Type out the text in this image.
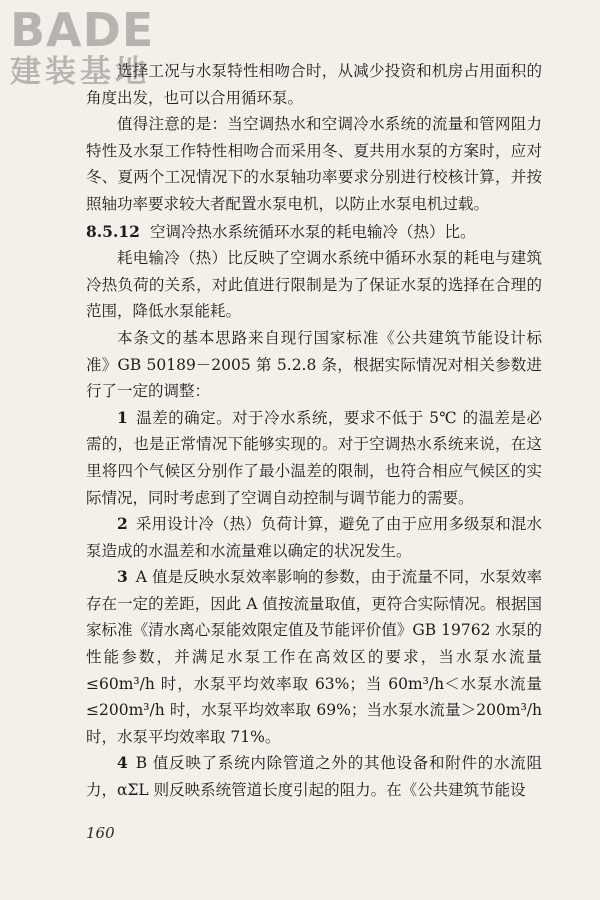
BADE
建装基地

选择工况与水泵特性相吻合时，从减少投资和机房占用面积的角度出发，也可以合用循环泵。

值得注意的是：当空调热水和空调冷水系统的流量和管网阻力特性及水泵工作特性相吻合而采用冬、夏共用水泵的方案时，应对冬、夏两个工况情况下的水泵轴功率要求分别进行校核计算，并按照轴功率要求较大者配置水泵电机，以防止水泵电机过载。

8.5.12 空调冷热水系统循环水泵的耗电输冷（热）比。

耗电输冷（热）比反映了空调水系统中循环水泵的耗电与建筑冷热负荷的关系，对此值进行限制是为了保证水泵的选择在合理的范围，降低水泵能耗。

本条文的基本思路来自现行国家标准《公共建筑节能设计标准》GB 50189－2005 第 5.2.8 条，根据实际情况对相关参数进行了一定的调整：

1 温差的确定。对于冷水系统，要求不低于 5℃ 的温差是必需的，也是正常情况下能够实现的。对于空调热水系统来说，在这里将四个气候区分别作了最小温差的限制，也符合相应气候区的实际情况，同时考虑到了空调自动控制与调节能力的需要。

2 采用设计冷（热）负荷计算，避免了由于应用多级泵和混水泵造成的水温差和水流量难以确定的状况发生。

3 A 值是反映水泵效率影响的参数，由于流量不同，水泵效率存在一定的差距，因此 A 值按流量取值，更符合实际情况。根据国家标准《清水离心泵能效限定值及节能评价值》GB 19762 水泵的性能参数，并满足水泵工作在高效区的要求，当水泵水流量≤60m³/h 时，水泵平均效率取 63%；当 60m³/h＜水泵水流量≤200m³/h 时，水泵平均效率取 69%；当水泵水流量＞200m³/h 时，水泵平均效率取 71%。

4 B 值反映了系统内除管道之外的其他设备和附件的水流阻力，αΣL 则反映系统管道长度引起的阻力。在《公共建筑节能设

160
